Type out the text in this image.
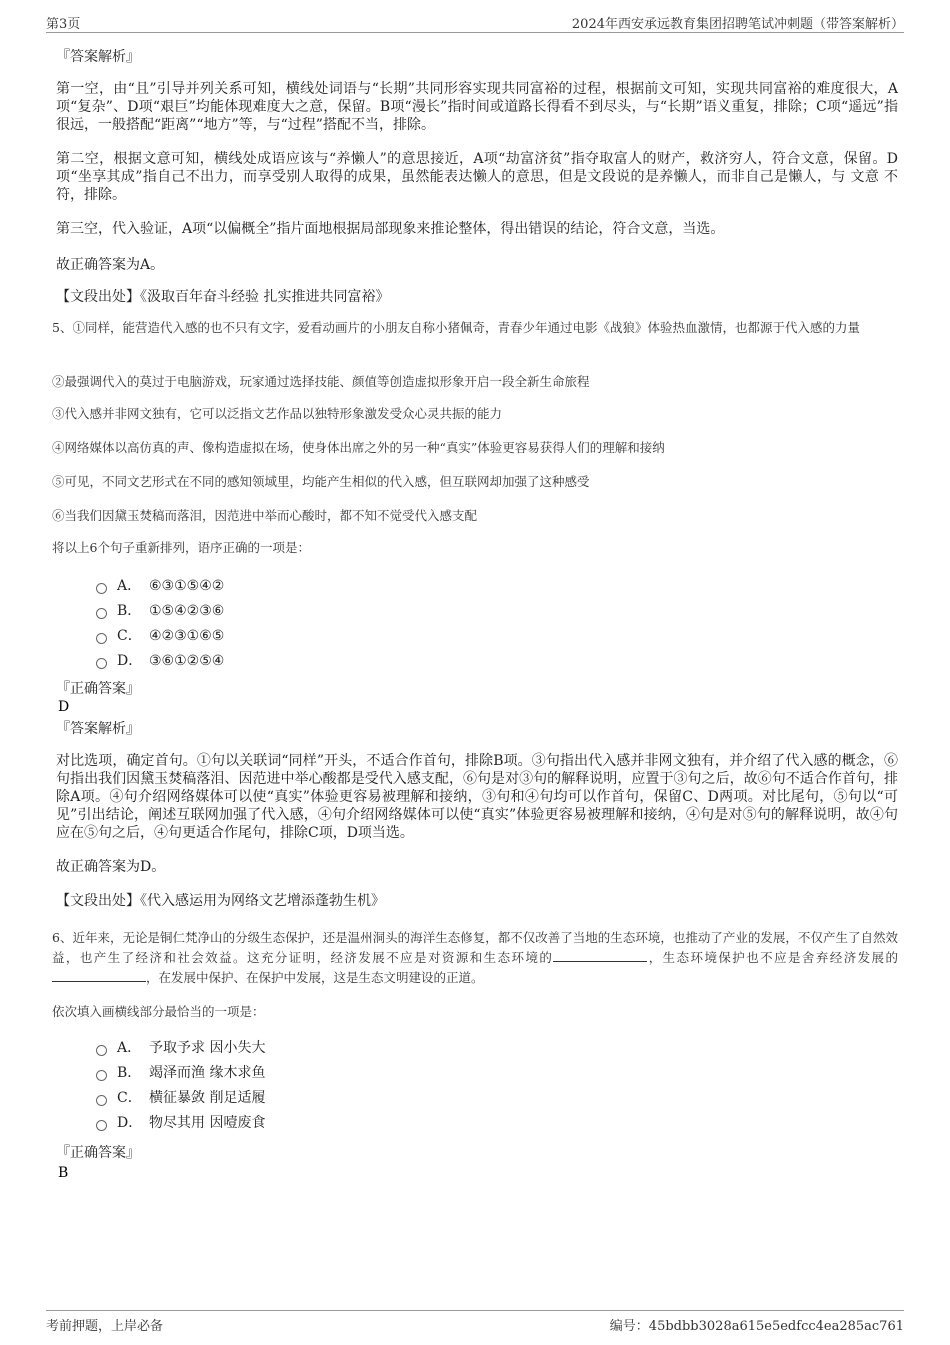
第3页	2024年西安承远教育集团招聘笔试冲刺题（带答案解析）
『答案解析』
第一空，由“且”引导并列关系可知，横线处词语与“长期”共同形容实现共同富裕的过程，根据前文可知，实现共同富裕的难度很大，A项“复杂”、D项“艰巨”均能体现难度大之意，保留。B项“漫长”指时间或道路长得看不到尽头，与“长期”语义重复，排除；C项“遥远”指很远，一般搭配“距离”“地方”等，与“过程”搭配不当，排除。
第二空，根据文意可知，横线处成语应该与“养懒人”的意思接近，A项“劫富济贫”指夺取富人的财产，救济穷人，符合文意，保留。D项“坐享其成”指自己不出力，而享受别人取得的成果，虽然能表达懒人的意思，但是文段说的是养懒人，而非自己是懒人，与 文意 不符，排除。
第三空，代入验证，A项“以偏概全”指片面地根据局部现象来推论整体，得出错误的结论，符合文意，当选。
故正确答案为A。
【文段出处】《汲取百年奋斗经验 扎实推进共同富裕》
5、①同样，能营造代入感的也不只有文字，爱看动画片的小朋友自称小猪佩奇，青春少年通过电影《战狼》体验热血激情，也都源于代入感的力量
②最强调代入的莫过于电脑游戏，玩家通过选择技能、颜值等创造虚拟形象开启一段全新生命旅程
③代入感并非网文独有，它可以泛指文艺作品以独特形象激发受众心灵共振的能力
④网络媒体以高仿真的声、像构造虚拟在场，使身体出席之外的另一种“真实”体验更容易获得人们的理解和接纳
⑤可见，不同文艺形式在不同的感知领域里，均能产生相似的代入感，但互联网却加强了这种感受
⑥当我们因黛玉焚稿而落泪，因范进中举而心酸时，都不知不觉受代入感支配
将以上6个句子重新排列，语序正确的一项是：
A． ⑥③①⑤④②
B． ①⑤④②③⑥
C． ④②③①⑥⑤
D． ③⑥①②⑤④
『正确答案』
D
『答案解析』
对比选项，确定首句。①句以关联词“同样”开头，不适合作首句，排除B项。③句指出代入感并非网文独有，并介绍了代入感的概念，⑥句指出我们因黛玉焚稿落泪、因范进中举心酸都是受代入感支配，⑥句是对③句的解释说明，应置于③句之后，故⑥句不适合作首句，排除A项。④句介绍网络媒体可以使“真实”体验更容易被理解和接纳，③句和④句均可以作首句，保留C、D两项。对比尾句，⑤句以“可见”引出结论，阐述互联网加强了代入感，④句介绍网络媒体可以使“真实”体验更容易被理解和接纳，④句是对⑤句的解释说明，故④句应在⑤句之后，④句更适合作尾句，排除C项，D项当选。
故正确答案为D。
【文段出处】《代入感运用为网络文艺增添蓬勃生机》
6、近年来，无论是铜仁梵净山的分级生态保护，还是温州洞头的海洋生态修复，都不仅改善了当地的生态环境，也推动了产业的发展，不仅产生了自然效益，也产生了经济和社会效益。这充分证明，经济发展不应是对资源和生态环境的	，生态环境保护也不应是舍弃经济发展的，在发展中保护、在保护中发展，这是生态文明建设的正道。
依次填入画横线部分最恰当的一项是：
A． 予取予求 因小失大
B． 竭泽而渔 缘木求鱼
C． 横征暴敛 削足适履
D． 物尽其用 因噎废食
『正确答案』
B
考前押题，上岸必备	编号：45bdbb3028a615e5edfcc4ea285ac761
